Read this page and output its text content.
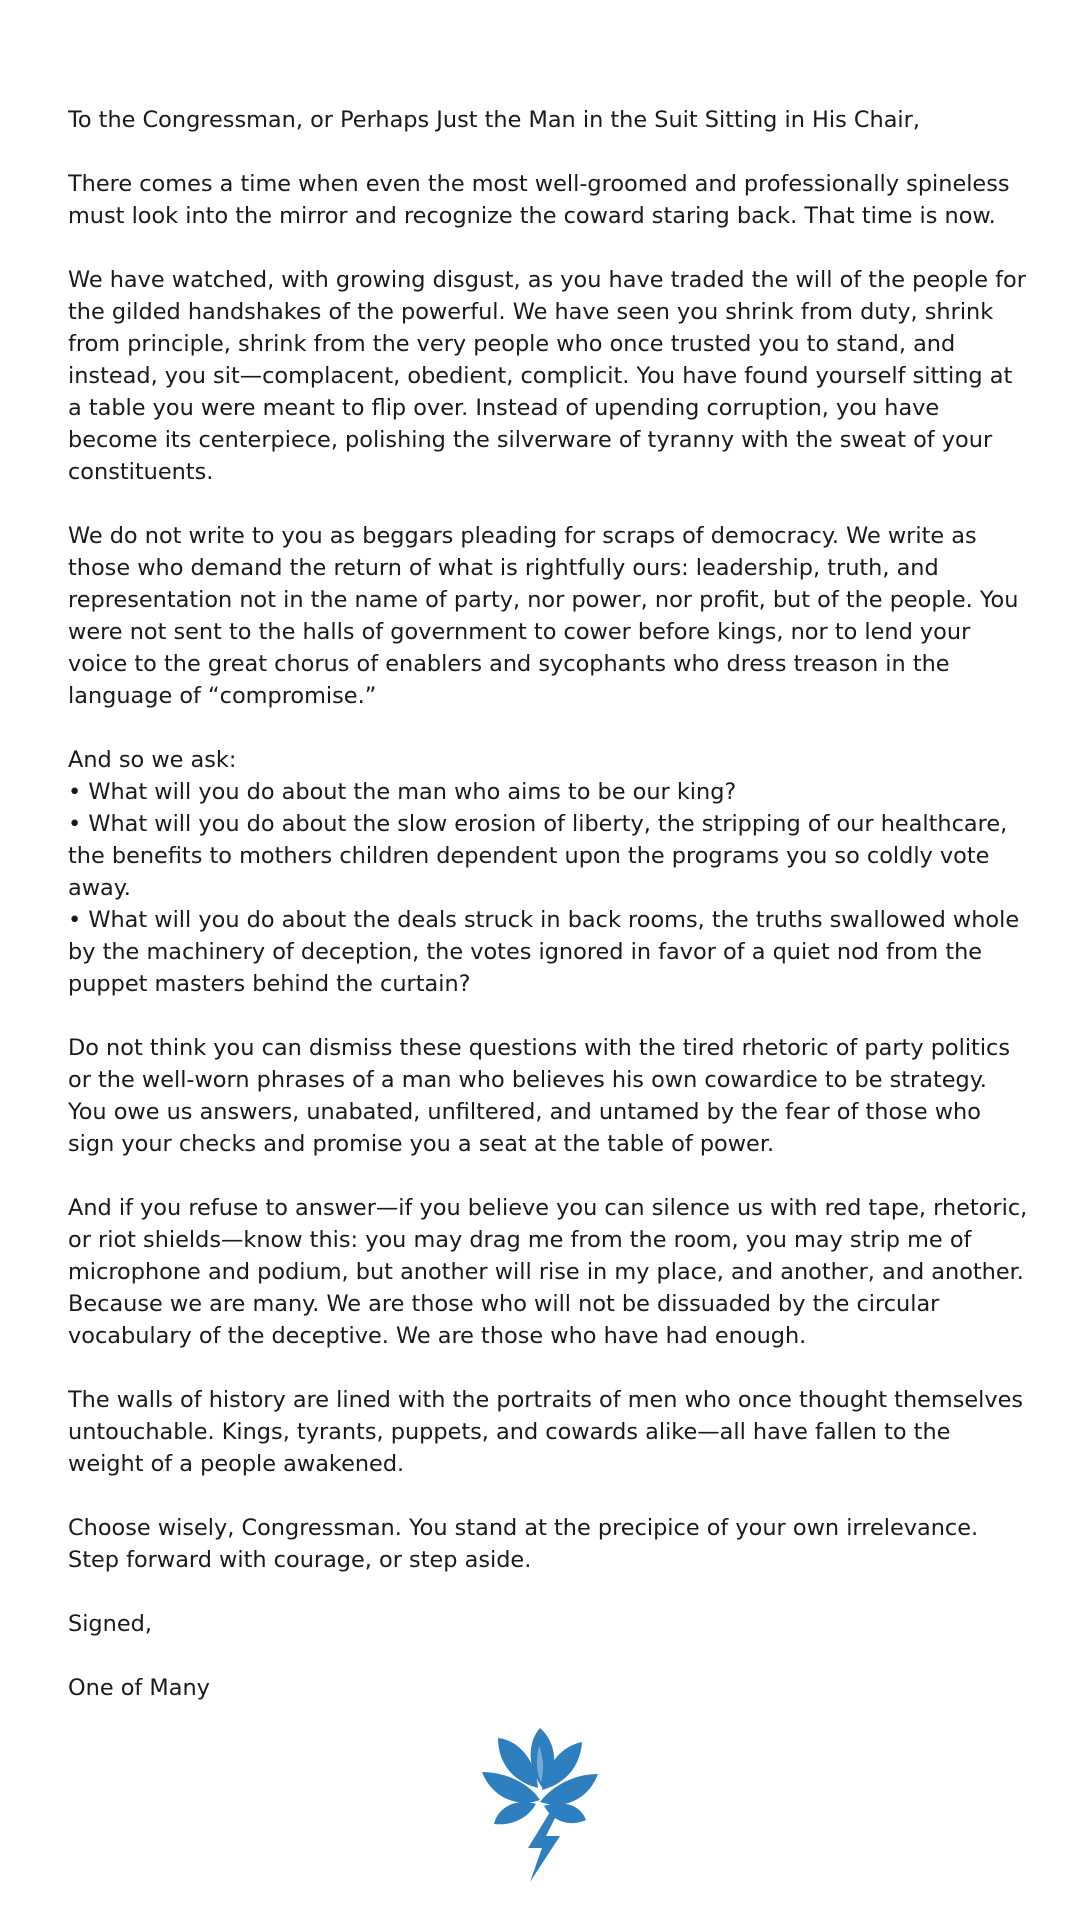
To the Congressman, or Perhaps Just the Man in the Suit Sitting in His Chair,

There comes a time when even the most well-groomed and professionally spineless must look into the mirror and recognize the coward staring back. That time is now.

We have watched, with growing disgust, as you have traded the will of the people for the gilded handshakes of the powerful. We have seen you shrink from duty, shrink from principle, shrink from the very people who once trusted you to stand, and instead, you sit—complacent, obedient, complicit. You have found yourself sitting at a table you were meant to flip over. Instead of upending corruption, you have become its centerpiece, polishing the silverware of tyranny with the sweat of your constituents.

We do not write to you as beggars pleading for scraps of democracy. We write as those who demand the return of what is rightfully ours: leadership, truth, and representation not in the name of party, nor power, nor profit, but of the people. You were not sent to the halls of government to cower before kings, nor to lend your voice to the great chorus of enablers and sycophants who dress treason in the language of “compromise.”

And so we ask:
• What will you do about the man who aims to be our king?
• What will you do about the slow erosion of liberty, the stripping of our healthcare, the benefits to mothers children dependent upon the programs you so coldly vote away.
• What will you do about the deals struck in back rooms, the truths swallowed whole by the machinery of deception, the votes ignored in favor of a quiet nod from the puppet masters behind the curtain?

Do not think you can dismiss these questions with the tired rhetoric of party politics or the well-worn phrases of a man who believes his own cowardice to be strategy. You owe us answers, unabated, unfiltered, and untamed by the fear of those who sign your checks and promise you a seat at the table of power.

And if you refuse to answer—if you believe you can silence us with red tape, rhetoric, or riot shields—know this: you may drag me from the room, you may strip me of microphone and podium, but another will rise in my place, and another, and another. Because we are many. We are those who will not be dissuaded by the circular vocabulary of the deceptive. We are those who have had enough.

The walls of history are lined with the portraits of men who once thought themselves untouchable. Kings, tyrants, puppets, and cowards alike—all have fallen to the weight of a people awakened.

Choose wisely, Congressman. You stand at the precipice of your own irrelevance. Step forward with courage, or step aside.

Signed,

One of Many
